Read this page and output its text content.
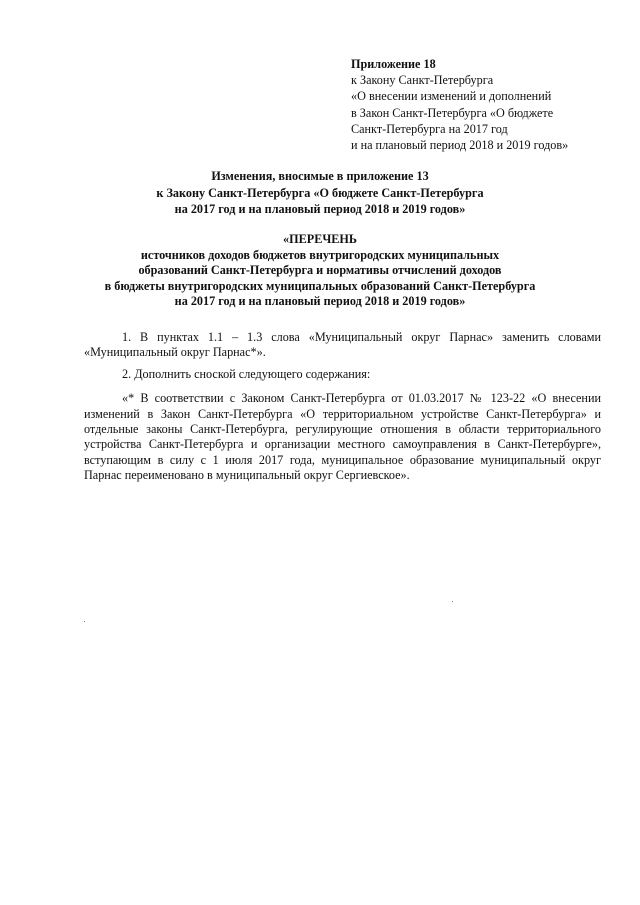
Приложение 18
к Закону Санкт-Петербурга
«О внесении изменений и дополнений
в Закон Санкт-Петербурга «О бюджете
Санкт-Петербурга на 2017 год
и на плановый период 2018 и 2019 годов»
Изменения, вносимые в приложение 13
к Закону Санкт-Петербурга «О бюджете Санкт-Петербурга
на 2017 год и на плановый период 2018 и 2019 годов»
«ПЕРЕЧЕНЬ
источников доходов бюджетов внутригородских муниципальных
образований Санкт-Петербурга и нормативы отчислений доходов
в бюджеты внутригородских муниципальных образований Санкт-Петербурга
на 2017 год и на плановый период 2018 и 2019 годов»

1. В пунктах 1.1 – 1.3 слова «Муниципальный округ Парнас» заменить словами «Муниципальный округ Парнас*».

2. Дополнить сноской следующего содержания:

«* В соответствии с Законом Санкт-Петербурга от 01.03.2017 № 123-22 «О внесении изменений в Закон Санкт-Петербурга «О территориальном устройстве Санкт-Петербурга» и отдельные законы Санкт-Петербурга, регулирующие отношения в области территориального устройства Санкт-Петербурга и организации местного самоуправления в Санкт-Петербурге», вступающим в силу с 1 июля 2017 года, муниципальное образование муниципальный округ Парнас переименовано в муниципальный округ Сергиевское».
